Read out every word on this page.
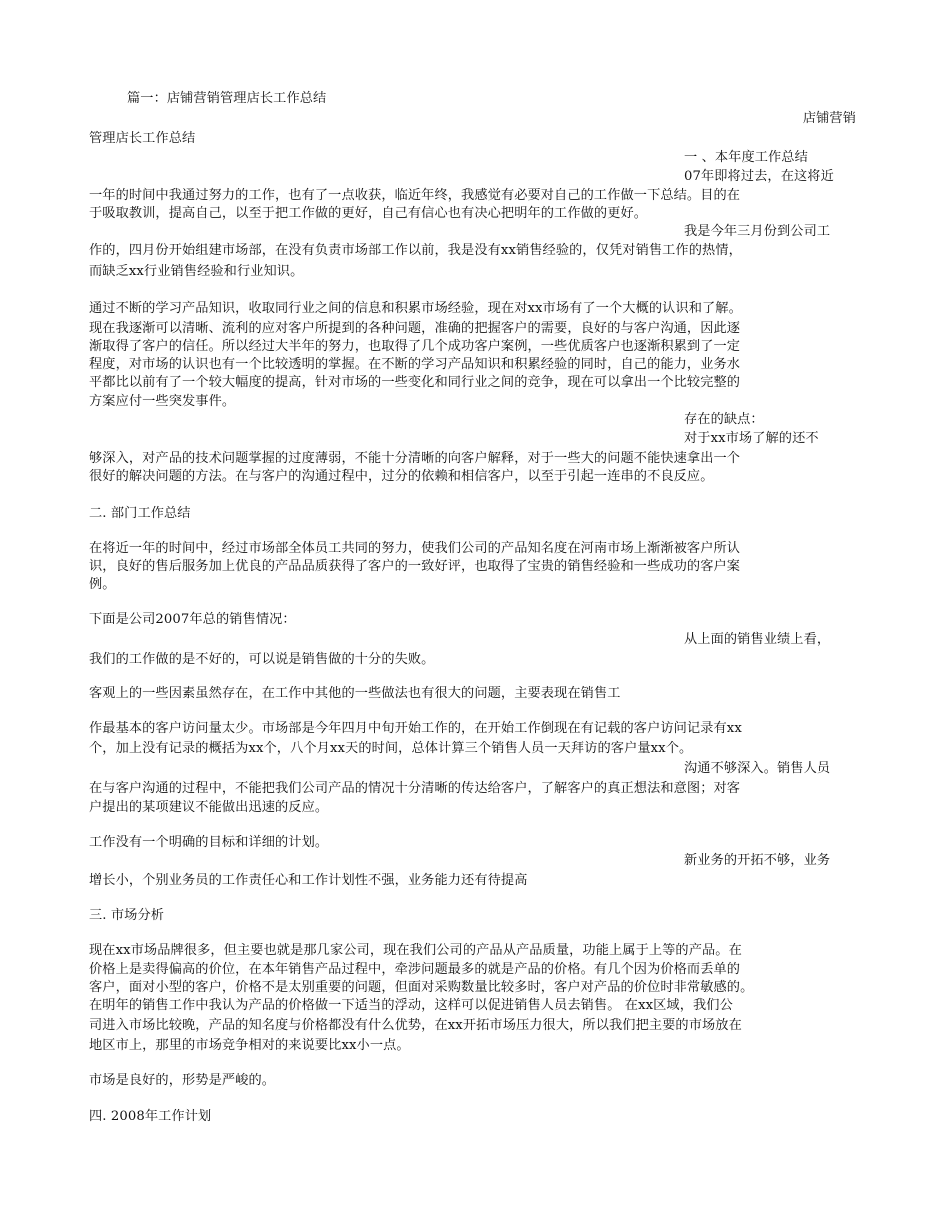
篇一：店铺营销管理店长工作总结
店铺营销
管理店长工作总结
一 、本年度工作总结
07年即将过去，在这将近
一年的时间中我通过努力的工作，也有了一点收获，临近年终，我感觉有必要对自己的工作做一下总结。目的在
于吸取教训，提高自己，以至于把工作做的更好，自己有信心也有决心把明年的工作做的更好。
我是今年三月份到公司工
作的，四月份开始组建市场部，在没有负责市场部工作以前，我是没有xx销售经验的，仅凭对销售工作的热情，
而缺乏xx行业销售经验和行业知识。
通过不断的学习产品知识，收取同行业之间的信息和积累市场经验，现在对xx市场有了一个大概的认识和了解。
现在我逐渐可以清晰、流利的应对客户所提到的各种问题，准确的把握客户的需要，良好的与客户沟通，因此逐
渐取得了客户的信任。所以经过大半年的努力，也取得了几个成功客户案例，一些优质客户也逐渐积累到了一定
程度，对市场的认识也有一个比较透明的掌握。在不断的学习产品知识和积累经验的同时，自己的能力，业务水
平都比以前有了一个较大幅度的提高，针对市场的一些变化和同行业之间的竞争，现在可以拿出一个比较完整的
方案应付一些突发事件。
存在的缺点：
对于xx市场了解的还不
够深入，对产品的技术问题掌握的过度薄弱，不能十分清晰的向客户解释，对于一些大的问题不能快速拿出一个
很好的解决问题的方法。在与客户的沟通过程中，过分的依赖和相信客户，以至于引起一连串的不良反应。
二. 部门工作总结
在将近一年的时间中，经过市场部全体员工共同的努力，使我们公司的产品知名度在河南市场上渐渐被客户所认
识，良好的售后服务加上优良的产品品质获得了客户的一致好评，也取得了宝贵的销售经验和一些成功的客户案
例。
下面是公司2007年总的销售情况：
从上面的销售业绩上看，
我们的工作做的是不好的，可以说是销售做的十分的失败。
客观上的一些因素虽然存在，在工作中其他的一些做法也有很大的问题，主要表现在销售工
作最基本的客户访问量太少。市场部是今年四月中旬开始工作的，在开始工作倒现在有记载的客户访问记录有xx
个，加上没有记录的概括为xx个，八个月xx天的时间，总体计算三个销售人员一天拜访的客户量xx个。
沟通不够深入。销售人员
在与客户沟通的过程中，不能把我们公司产品的情况十分清晰的传达给客户，了解客户的真正想法和意图；对客
户提出的某项建议不能做出迅速的反应。
工作没有一个明确的目标和详细的计划。
新业务的开拓不够，业务
增长小，个别业务员的工作责任心和工作计划性不强，业务能力还有待提高
三. 市场分析
现在xx市场品牌很多，但主要也就是那几家公司，现在我们公司的产品从产品质量，功能上属于上等的产品。在
价格上是卖得偏高的价位，在本年销售产品过程中，牵涉问题最多的就是产品的价格。有几个因为价格而丢单的
客户，面对小型的客户，价格不是太别重要的问题，但面对采购数量比较多时，客户对产品的价位时非常敏感的。
在明年的销售工作中我认为产品的价格做一下适当的浮动，这样可以促进销售人员去销售。 在xx区域，我们公
司进入市场比较晚，产品的知名度与价格都没有什么优势，在xx开拓市场压力很大，所以我们把主要的市场放在
地区市上，那里的市场竞争相对的来说要比xx小一点。
市场是良好的，形势是严峻的。
四. 2008年工作计划
